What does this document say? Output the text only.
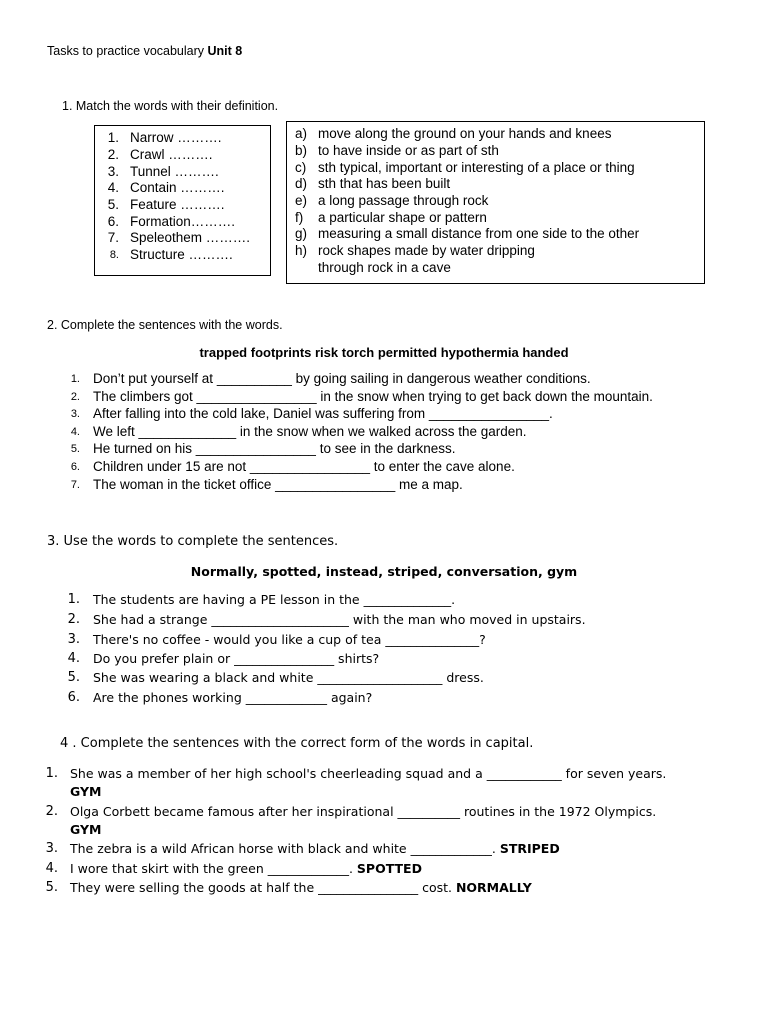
Tasks to practice vocabulary Unit 8
1. Match the words with their definition.
1. Narrow ……….
2. Crawl ……….
3. Tunnel ……….
4. Contain ……….
5. Feature ……….
6. Formation……….
7. Speleothem ……….
8. Structure ……….
a) move along the ground on your hands and knees
b) to have inside or as part of sth
c) sth typical, important or interesting of a place or thing
d) sth that has been built
e) a long passage through rock
f) a particular shape or pattern
g) measuring a small distance from one side to the other
h) rock shapes made by water dripping
through rock in a cave
2. Complete the sentences with the words.
trapped footprints risk torch permitted hypothermia handed
1. Don’t put yourself at __________ by going sailing in dangerous weather conditions.
2. The climbers got ________________ in the snow when trying to get back down the mountain.
3. After falling into the cold lake, Daniel was suffering from ________________.
4. We left _____________ in the snow when we walked across the garden.
5. He turned on his ________________ to see in the darkness.
6. Children under 15 are not ________________ to enter the cave alone.
7. The woman in the ticket office ________________ me a map.
3. Use the words to complete the sentences.
Normally, spotted, instead, striped, conversation, gym
1. The students are having a PE lesson in the ______________.
2. She had a strange ______________________ with the man who moved in upstairs.
3. There's no coffee - would you like a cup of tea _______________?
4. Do you prefer plain or ________________ shirts?
5. She was wearing a black and white ____________________ dress.
6. Are the phones working _____________ again?
4 . Complete the sentences with the correct form of the words in capital.
1. She was a member of her high school's cheerleading squad and a ____________ for seven years.
GYM
2. Olga Corbett became famous after her inspirational __________ routines in the 1972 Olympics.
GYM
3. The zebra is a wild African horse with black and white _____________. STRIPED
4. I wore that skirt with the green _____________. SPOTTED
5. They were selling the goods at half the ________________ cost. NORMALLY
